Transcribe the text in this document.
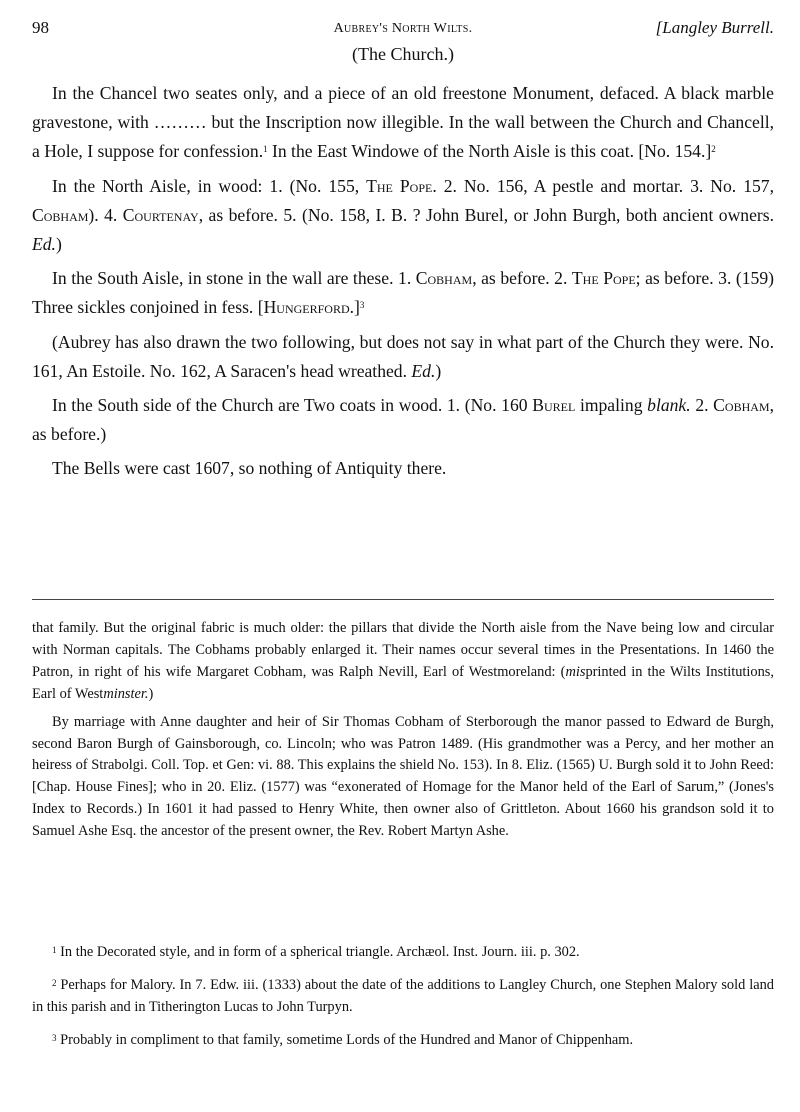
98	Aubrey's North Wilts.	[Langley Burrell.
(The Church.)

In the Chancel two seates only, and a piece of an old freestone Monument, defaced. A black marble gravestone, with ……… but the Inscription now illegible. In the wall between the Church and Chancell, a Hole, I suppose for confession.$^1$ In the East Windowe of the North Aisle is this coat. [No. 154.]$^2$

In the North Aisle, in wood: 1. (No. 155, The Pope. 2. No. 156, A pestle and mortar. 3. No. 157, Cobham). 4. Courtenay, as before. 5. (No. 158, I. B. ? John Burel, or John Burgh, both ancient owners. Ed.)

In the South Aisle, in stone in the wall are these. 1. Cobham, as before. 2. The Pope; as before. 3. (159) Three sickles conjoined in fess. [Hungerford.]$^3$

(Aubrey has also drawn the two following, but does not say in what part of the Church they were. No. 161, An Estoile. No. 162, A Saracen's head wreathed. Ed.)

In the South side of the Church are Two coats in wood. 1. (No. 160 Burel impaling blank. 2. Cobham, as before.)

The Bells were cast 1607, so nothing of Antiquity there.

that family. But the original fabric is much older: the pillars that divide the North aisle from the Nave being low and circular with Norman capitals. The Cobhams probably enlarged it. Their names occur several times in the Presentations. In 1460 the Patron, in right of his wife Margaret Cobham, was Ralph Nevill, Earl of Westmoreland: (misprinted in the Wilts Institutions, Earl of Westminster.)

By marriage with Anne daughter and heir of Sir Thomas Cobham of Sterborough the manor passed to Edward de Burgh, second Baron Burgh of Gainsborough, co. Lincoln; who was Patron 1489. (His grandmother was a Percy, and her mother an heiress of Strabolgi. Coll. Top. et Gen: vi. 88. This explains the shield No. 153). In 8. Eliz. (1565) U. Burgh sold it to John Reed: [Chap. House Fines]; who in 20. Eliz. (1577) was “exonerated of Homage for the Manor held of the Earl of Sarum,” (Jones's Index to Records.) In 1601 it had passed to Henry White, then owner also of Grittleton. About 1660 his grandson sold it to Samuel Ashe Esq. the ancestor of the present owner, the Rev. Robert Martyn Ashe.

$^1$ In the Decorated style, and in form of a spherical triangle. Archæol. Inst. Journ. iii. p. 302.

$^2$ Perhaps for Malory. In 7. Edw. iii. (1333) about the date of the additions to Langley Church, one Stephen Malory sold land in this parish and in Titherington Lucas to John Turpyn.

$^3$ Probably in compliment to that family, sometime Lords of the Hundred and Manor of Chippenham.
